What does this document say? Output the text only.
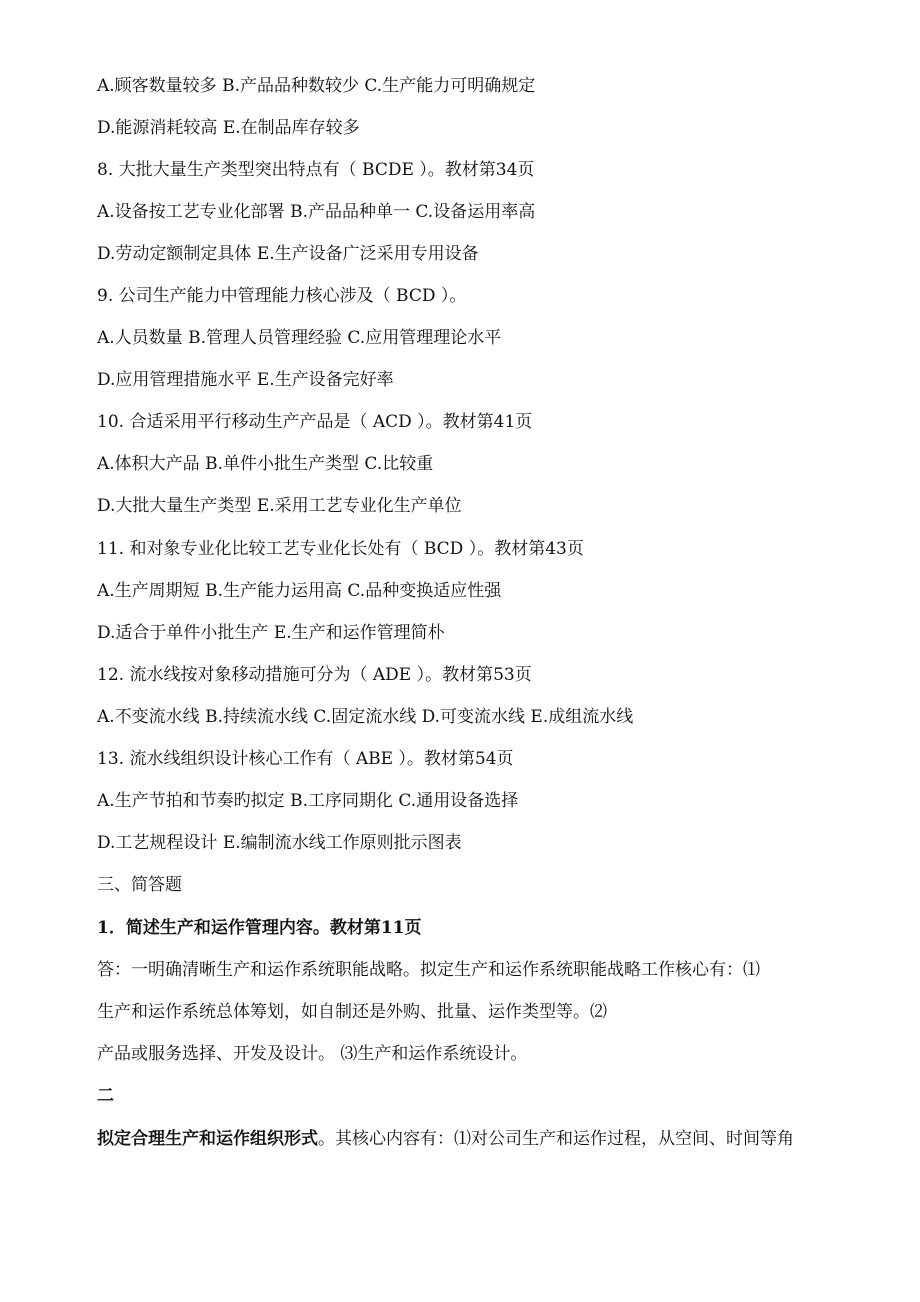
A.顾客数量较多 B.产品品种数较少 C.生产能力可明确规定
D.能源消耗较高 E.在制品库存较多
8. 大批大量生产类型突出特点有（ BCDE ）。教材第34页
A.设备按工艺专业化部署 B.产品品种单一 C.设备运用率高
D.劳动定额制定具体 E.生产设备广泛采用专用设备
9. 公司生产能力中管理能力核心涉及（ BCD ）。
A.人员数量 B.管理人员管理经验 C.应用管理理论水平
D.应用管理措施水平 E.生产设备完好率
10. 合适采用平行移动生产产品是（ ACD ）。教材第41页
A.体积大产品 B.单件小批生产类型 C.比较重
D.大批大量生产类型 E.采用工艺专业化生产单位
11. 和对象专业化比较工艺专业化长处有（ BCD ）。教材第43页
A.生产周期短 B.生产能力运用高 C.品种变换适应性强
D.适合于单件小批生产 E.生产和运作管理简朴
12. 流水线按对象移动措施可分为（ ADE ）。教材第53页
A.不变流水线 B.持续流水线 C.固定流水线 D.可变流水线 E.成组流水线
13. 流水线组织设计核心工作有（ ABE ）。教材第54页
A.生产节拍和节奏旳拟定 B.工序同期化 C.通用设备选择
D.工艺规程设计 E.编制流水线工作原则批示图表
三、简答题
1．简述生产和运作管理内容。教材第11页
答：一明确清晰生产和运作系统职能战略。拟定生产和运作系统职能战略工作核心有：⑴
生产和运作系统总体筹划，如自制还是外购、批量、运作类型等。⑵
产品或服务选择、开发及设计。 ⑶生产和运作系统设计。
二
拟定合理生产和运作组织形式。其核心内容有：⑴对公司生产和运作过程，从空间、时间等角
